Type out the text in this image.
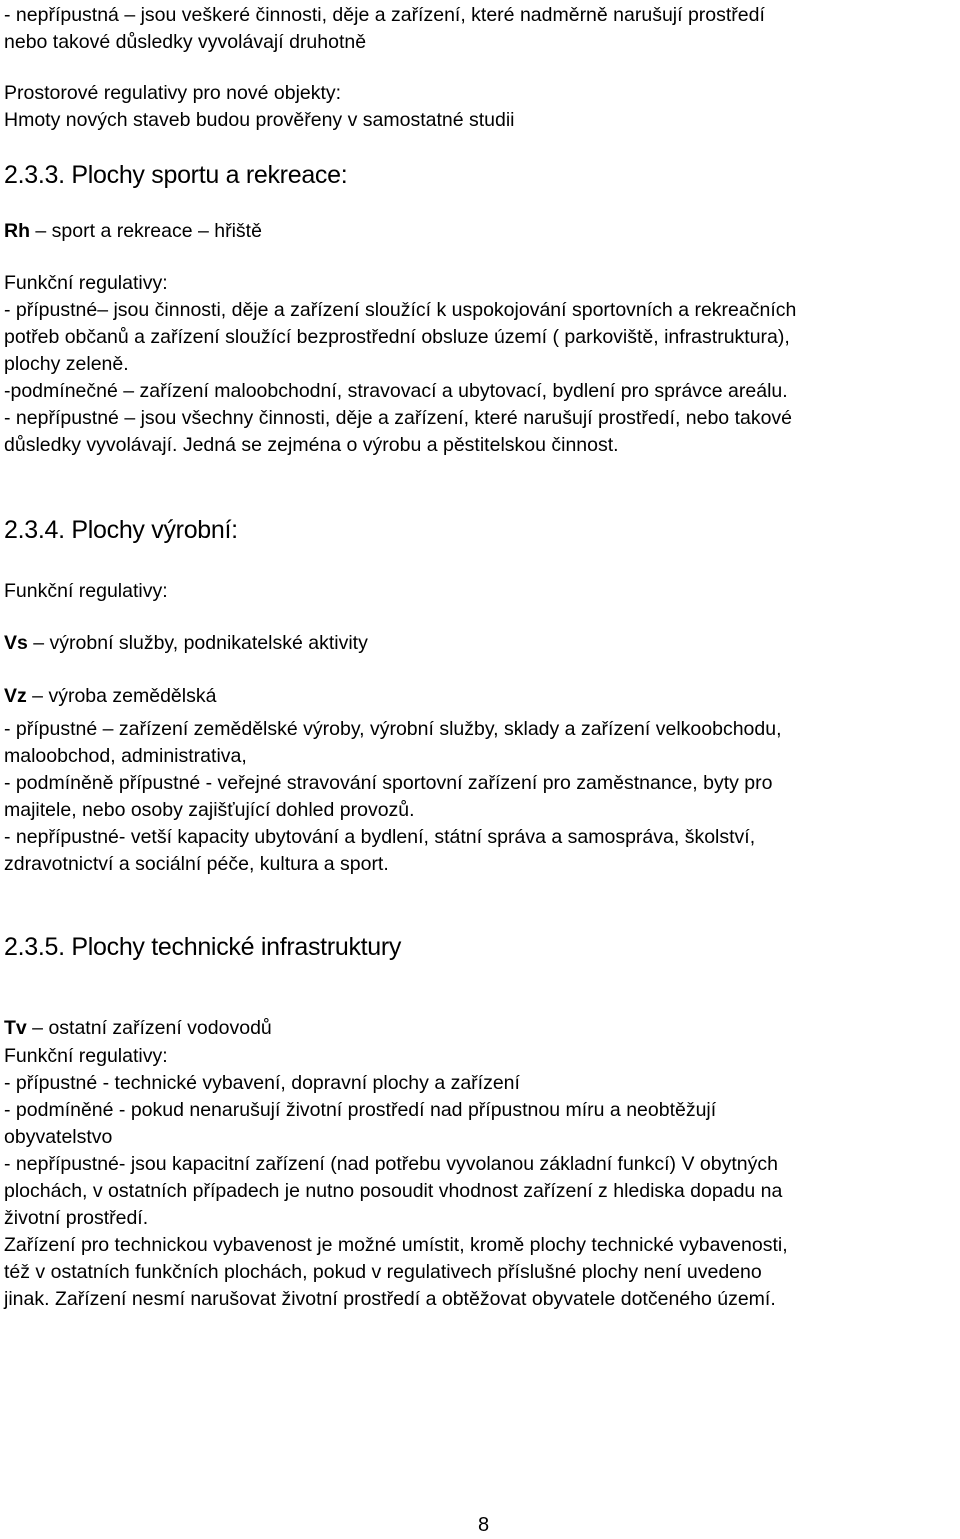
- nepřípustná – jsou veškeré činnosti, děje a zařízení, které nadměrně narušují prostředí
nebo takové důsledky vyvolávají druhotně
Prostorové regulativy pro nové objekty:
Hmoty nových staveb budou prověřeny v samostatné studii
2.3.3. Plochy sportu a rekreace:
Rh – sport a rekreace – hřiště
Funkční regulativy:
- přípustné– jsou činnosti, děje a zařízení sloužící k uspokojování sportovních a rekreačních
potřeb občanů a zařízení sloužící bezprostřední obsluze území ( parkoviště, infrastruktura),
plochy zeleně.
-podmínečné – zařízení maloobchodní, stravovací a ubytovací, bydlení pro správce areálu.
- nepřípustné – jsou všechny činnosti, děje a zařízení, které narušují prostředí, nebo takové
důsledky vyvolávají. Jedná se zejména o výrobu a pěstitelskou činnost.
2.3.4. Plochy výrobní:
Funkční regulativy:
Vs – výrobní služby, podnikatelské aktivity
Vz – výroba zemědělská
- přípustné – zařízení zemědělské výroby, výrobní služby, sklady a zařízení velkoobchodu,
maloobchod, administrativa,
- podmíněně přípustné - veřejné stravování sportovní zařízení pro zaměstnance, byty pro
majitele, nebo osoby zajišťující dohled provozů.
- nepřípustné- vetší kapacity ubytování a bydlení, státní správa a samospráva, školství,
zdravotnictví a sociální péče, kultura a sport.
2.3.5. Plochy technické infrastruktury
Tv – ostatní zařízení vodovodů
Funkční regulativy:
- přípustné - technické vybavení, dopravní plochy a zařízení
- podmíněné - pokud nenarušují životní prostředí nad přípustnou míru a neobtěžují
obyvatelstvo
- nepřípustné- jsou kapacitní zařízení (nad potřebu vyvolanou základní funkcí) V obytných
plochách, v ostatních případech je nutno posoudit vhodnost zařízení z hlediska dopadu na
životní prostředí.
Zařízení pro technickou vybavenost je možné umístit, kromě plochy technické vybavenosti,
též v ostatních funkčních plochách, pokud v regulativech příslušné plochy není uvedeno
jinak. Zařízení nesmí narušovat životní prostředí a obtěžovat obyvatele dotčeného území.
8
